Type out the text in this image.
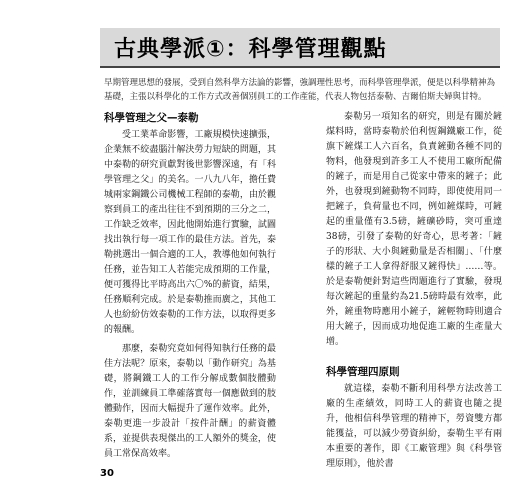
古典學派①：科學管理觀點
早期管理思想的發展，受到自然科學方法論的影響，強調理性思考，而科學管理學派，便是以科學精神為基礎，主張以科學化的工作方式改善個別員工的工作產能，代表人物包括泰勒、吉爾伯斯夫婦與甘特。
科學管理之父—泰勒

受工業革命影響，工廠規模快速擴張，企業無不絞盡腦汁解決勞力短缺的問題，其中泰勒的研究貢獻對後世影響深遠，有「科學管理之父」的美名。一八九八年，擔任費城兩家鋼鐵公司機械工程師的泰勒，由於觀察到員工的產出往往不到預期的三分之二，工作缺乏效率，因此他開始進行實驗，試圖找出執行每一項工作的最佳方法。首先，泰勒挑選出一個合適的工人，教導他如何執行任務，並告知工人若能完成預期的工作量，便可獲得比平時高出六〇%的薪資，結果，任務順利完成。於是泰勒推而廣之，其他工人也紛紛仿效泰勒的工作方法，以取得更多的報酬。

那麼，泰勒究竟如何得知執行任務的最佳方法呢？原來，泰勒以「動作研究」為基礎，將鋼鐵工人的工作分解成數個肢體動作，並訓練員工準確落實每一個應做到的肢體動作，因而大幅提升了運作效率。此外，泰勒更進一步設計「按件計酬」的薪資體系，並提供表現傑出的工人額外的獎金，使員工常保高效率。

泰勒另一項知名的研究，則是有關於鏟煤料時，當時泰勒於伯利恆鋼鐵廠工作，從旗下鏟煤工人六百名，負責鏟動各種不同的物料，他發現到許多工人不使用工廠所配備的鏟子，而是用自己從家中帶來的鏟子；此外，也發現到鏟動物不同時，即使使用同一把鏟子，負荷量也不同，例如鏟煤時，可鏟起的重量僅有3.5磅，鏟礦砂時，突可重達38磅，引發了泰勒的好奇心，思考著：「鏟子的形狀、大小與鏟動量是否相關」、「什麼樣的鏟子工人拿得舒服又鏟得快」……等。於是泰勒便針對這些問題進行了實驗，發現每次鏟起的重量約為21.5磅時最有效率，此外，鏟重物時應用小鏟子，鏟輕物時則適合用大鏟子，因而成功地促進工廠的生產量大增。

科學管理四原則

就這樣，泰勒不斷利用科學方法改善工廠的生產績效，同時工人的薪資也隨之提升，他相信科學管理的精神下，勞資雙方都能獲益，可以減少勞資糾紛，泰勒生平有兩本重要的著作，即《工廠管理》與《科學管理原則》，他於書

30
